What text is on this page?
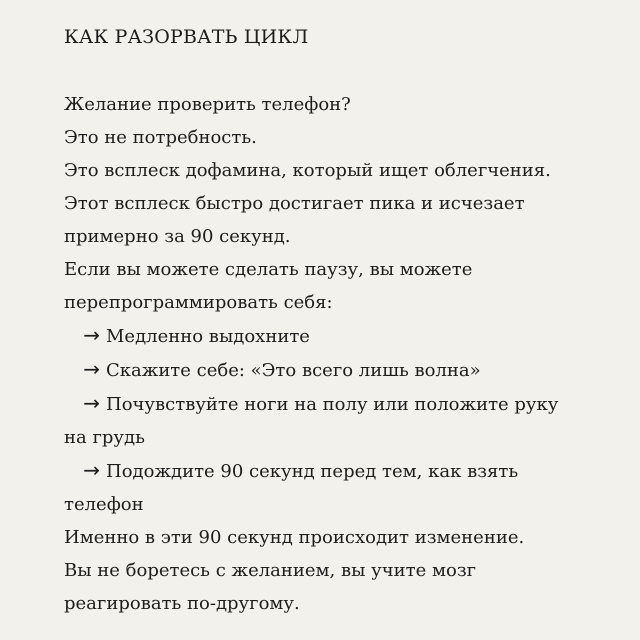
КАК РАЗОРВАТЬ ЦИКЛ
Желание проверить телефон?
Это не потребность.
Это всплеск дофамина, который ищет облегчения.
Этот всплеск быстро достигает пика и исчезает
примерно за 90 секунд.
Если вы можете сделать паузу, вы можете
перепрограммировать себя:
→ Медленно выдохните
→ Скажите себе: «Это всего лишь волна»
→ Почувствуйте ноги на полу или положите руку
на грудь
→ Подождите 90 секунд перед тем, как взять
телефон
Именно в эти 90 секунд происходит изменение.
Вы не боретесь с желанием, вы учите мозг
реагировать по-другому.
